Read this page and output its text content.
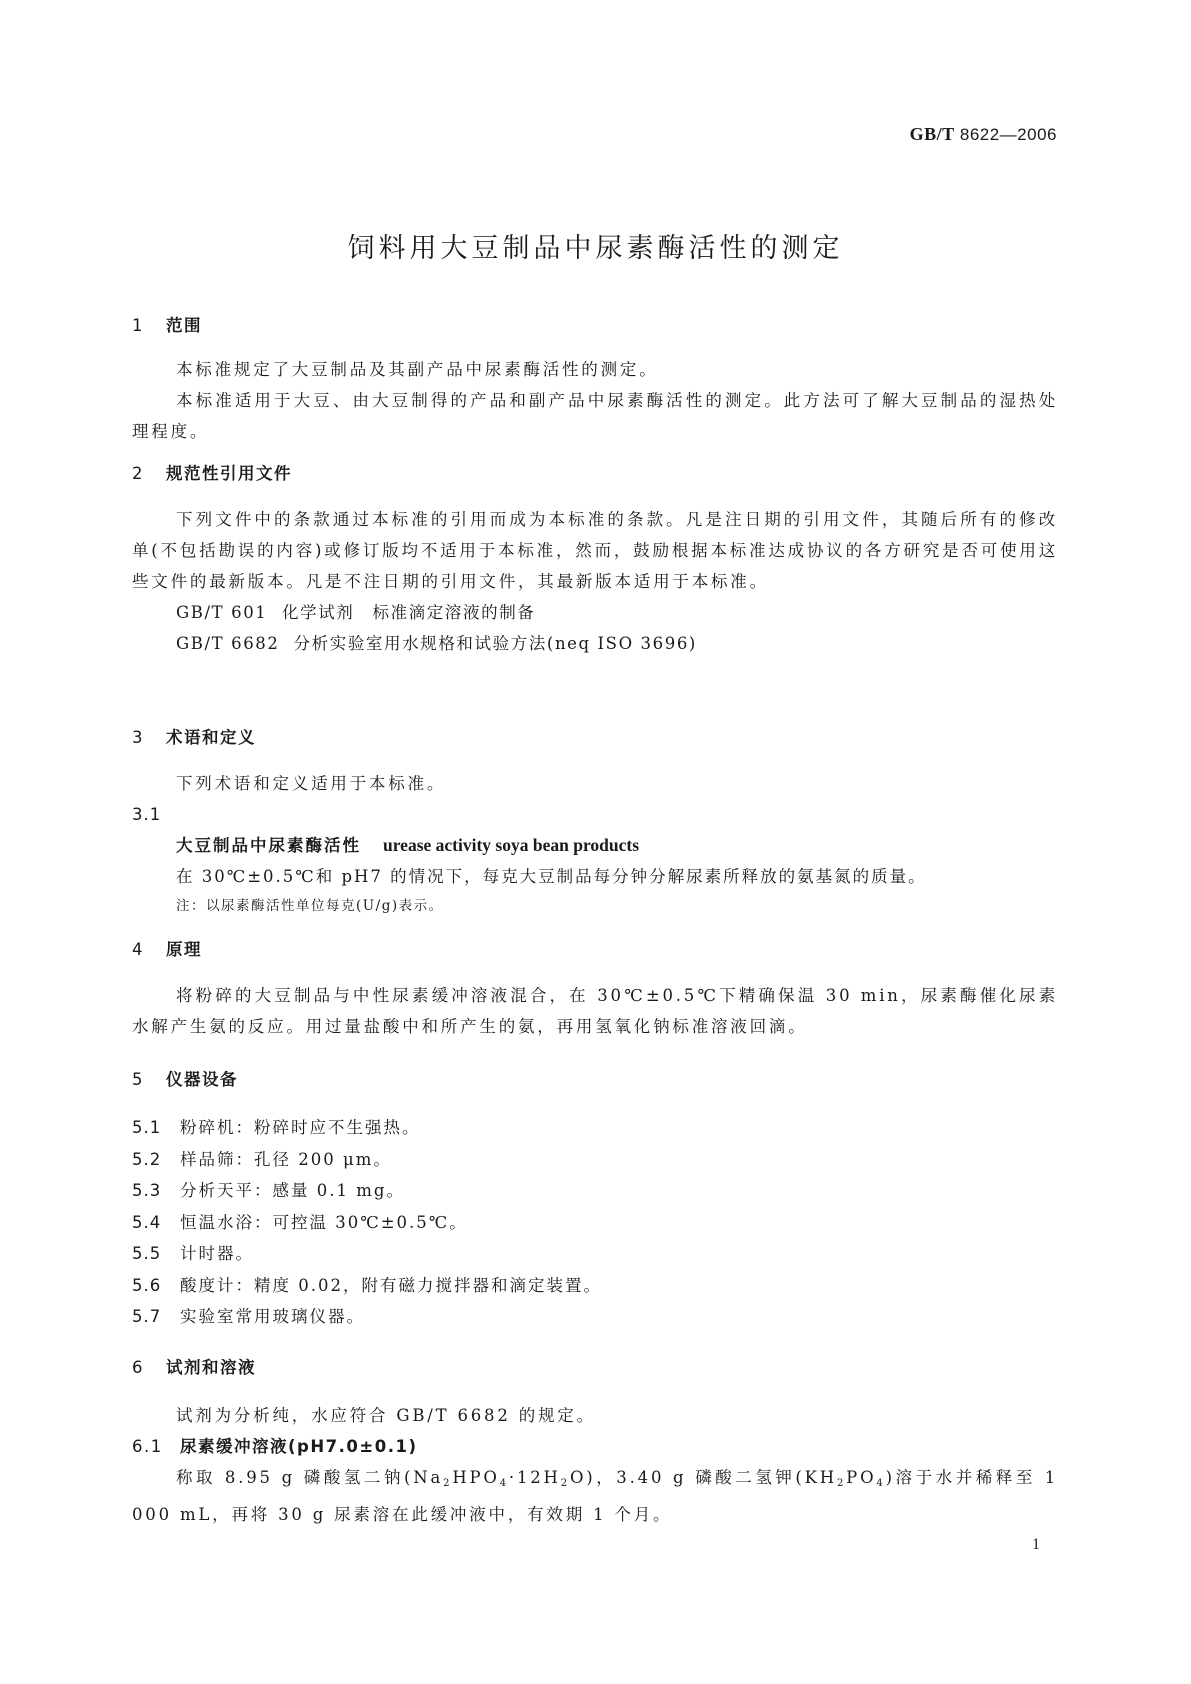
GB/T 8622—2006
饲料用大豆制品中尿素酶活性的测定
1 范围
本标准规定了大豆制品及其副产品中尿素酶活性的测定。
本标准适用于大豆、由大豆制得的产品和副产品中尿素酶活性的测定。此方法可了解大豆制品的湿热处理程度。
2 规范性引用文件
下列文件中的条款通过本标准的引用而成为本标准的条款。凡是注日期的引用文件，其随后所有的修改单(不包括勘误的内容)或修订版均不适用于本标准，然而，鼓励根据本标准达成协议的各方研究是否可使用这些文件的最新版本。凡是不注日期的引用文件，其最新版本适用于本标准。
GB/T 601 化学试剂　标准滴定溶液的制备
GB/T 6682 分析实验室用水规格和试验方法(neq ISO 3696)
3 术语和定义
下列术语和定义适用于本标准。
3.1
大豆制品中尿素酶活性 urease activity soya bean products
在 30℃±0.5℃和 pH7 的情况下，每克大豆制品每分钟分解尿素所释放的氨基氮的质量。
注：以尿素酶活性单位每克(U/g)表示。
4 原理
将粉碎的大豆制品与中性尿素缓冲溶液混合，在 30℃±0.5℃下精确保温 30 min，尿素酶催化尿素水解产生氨的反应。用过量盐酸中和所产生的氨，再用氢氧化钠标准溶液回滴。
5 仪器设备
5.1 粉碎机：粉碎时应不生强热。
5.2 样品筛：孔径 200 μm。
5.3 分析天平：感量 0.1 mg。
5.4 恒温水浴：可控温 30℃±0.5℃。
5.5 计时器。
5.6 酸度计：精度 0.02，附有磁力搅拌器和滴定装置。
5.7 实验室常用玻璃仪器。
6 试剂和溶液
试剂为分析纯，水应符合 GB/T 6682 的规定。
6.1 尿素缓冲溶液(pH7.0±0.1)
称取 8.95 g 磷酸氢二钠$(Na_2HPO_4\cdot 12H_2O)$，3.40 g 磷酸二氢钾$(KH_2PO_4)$溶于水并稀释至 1 000 mL，再将 30 g 尿素溶在此缓冲液中，有效期 1 个月。
1
